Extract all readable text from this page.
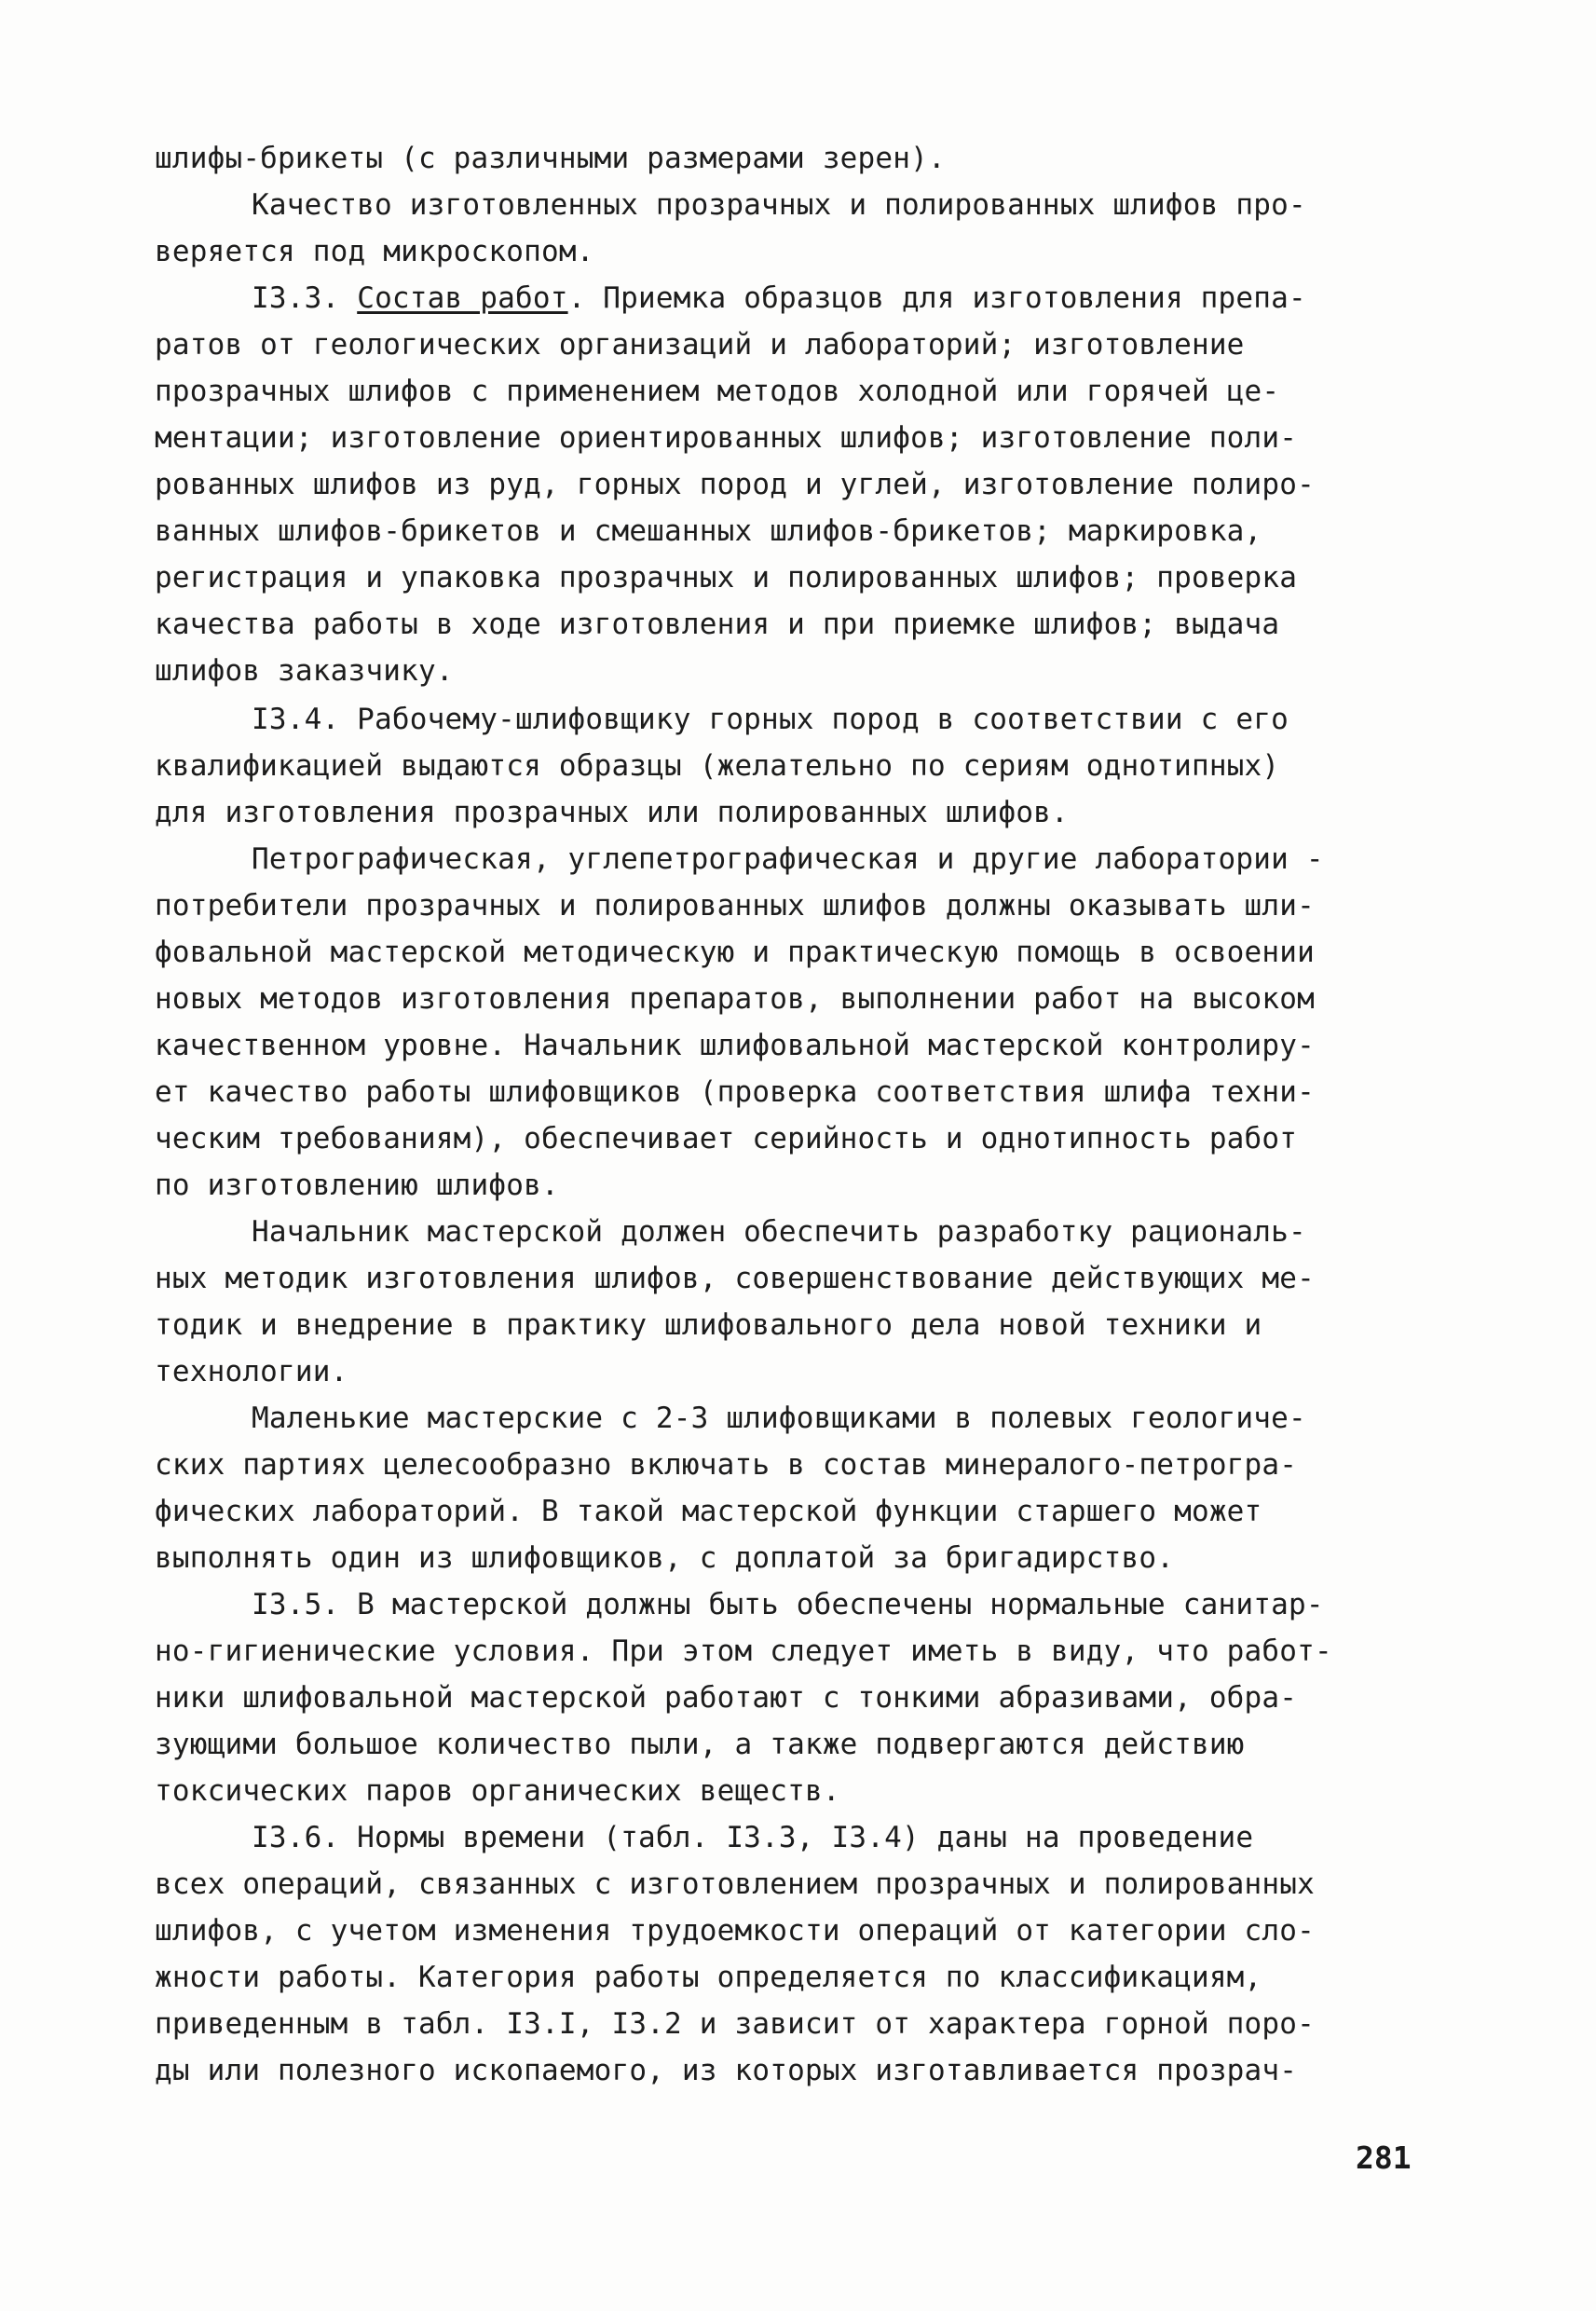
шлифы-брикеты (с различными размерами зерен).

Качество изготовленных прозрачных и полированных шлифов про-

веряется под микроскопом.

I3.3. Состав работ. Приемка образцов для изготовления препа-

ратов от геологических организаций и лабораторий; изготовление

прозрачных шлифов с применением методов холодной или горячей це-

ментации; изготовление ориентированных шлифов; изготовление поли-

рованных шлифов из руд, горных пород и углей, изготовление полиро-

ванных шлифов-брикетов и смешанных шлифов-брикетов; маркировка,

регистрация и упаковка прозрачных и полированных шлифов; проверка

качества работы в ходе изготовления и при приемке шлифов; выдача

шлифов заказчику.

I3.4. Рабочему-шлифовщику горных пород в соответствии с его

квалификацией выдаются образцы (желательно по сериям однотипных)

для изготовления прозрачных или полированных шлифов.

Петрографическая, углепетрографическая и другие лаборатории -

потребители прозрачных и полированных шлифов должны оказывать шли-

фовальной мастерской методическую и практическую помощь в освоении

новых методов изготовления препаратов, выполнении работ на высоком

качественном уровне. Начальник шлифовальной мастерской контролиру-

ет качество работы шлифовщиков (проверка соответствия шлифа техни-

ческим требованиям), обеспечивает серийность и однотипность работ

по изготовлению шлифов.

Начальник мастерской должен обеспечить разработку рациональ-

ных методик изготовления шлифов, совершенствование действующих ме-

тодик и внедрение в практику шлифовального дела новой техники и

технологии.

Маленькие мастерские с 2-3 шлифовщиками в полевых геологиче-

ских партиях целесообразно включать в состав минералого-петрогра-

фических лабораторий. В такой мастерской функции старшего может

выполнять один из шлифовщиков, с доплатой за бригадирство.

I3.5. В мастерской должны быть обеспечены нормальные санитар-

но-гигиенические условия. При этом следует иметь в виду, что работ-

ники шлифовальной мастерской работают с тонкими абразивами, обра-

зующими большое количество пыли, а также подвергаются действию

токсических паров органических веществ.

I3.6. Нормы времени (табл. I3.3, I3.4) даны на проведение

всех операций, связанных с изготовлением прозрачных и полированных

шлифов, с учетом изменения трудоемкости операций от категории сло-

жности работы. Категория работы определяется по классификациям,

приведенным в табл. I3.I, I3.2 и зависит от характера горной поро-

ды или полезного ископаемого, из которых изготавливается прозрач-

281
